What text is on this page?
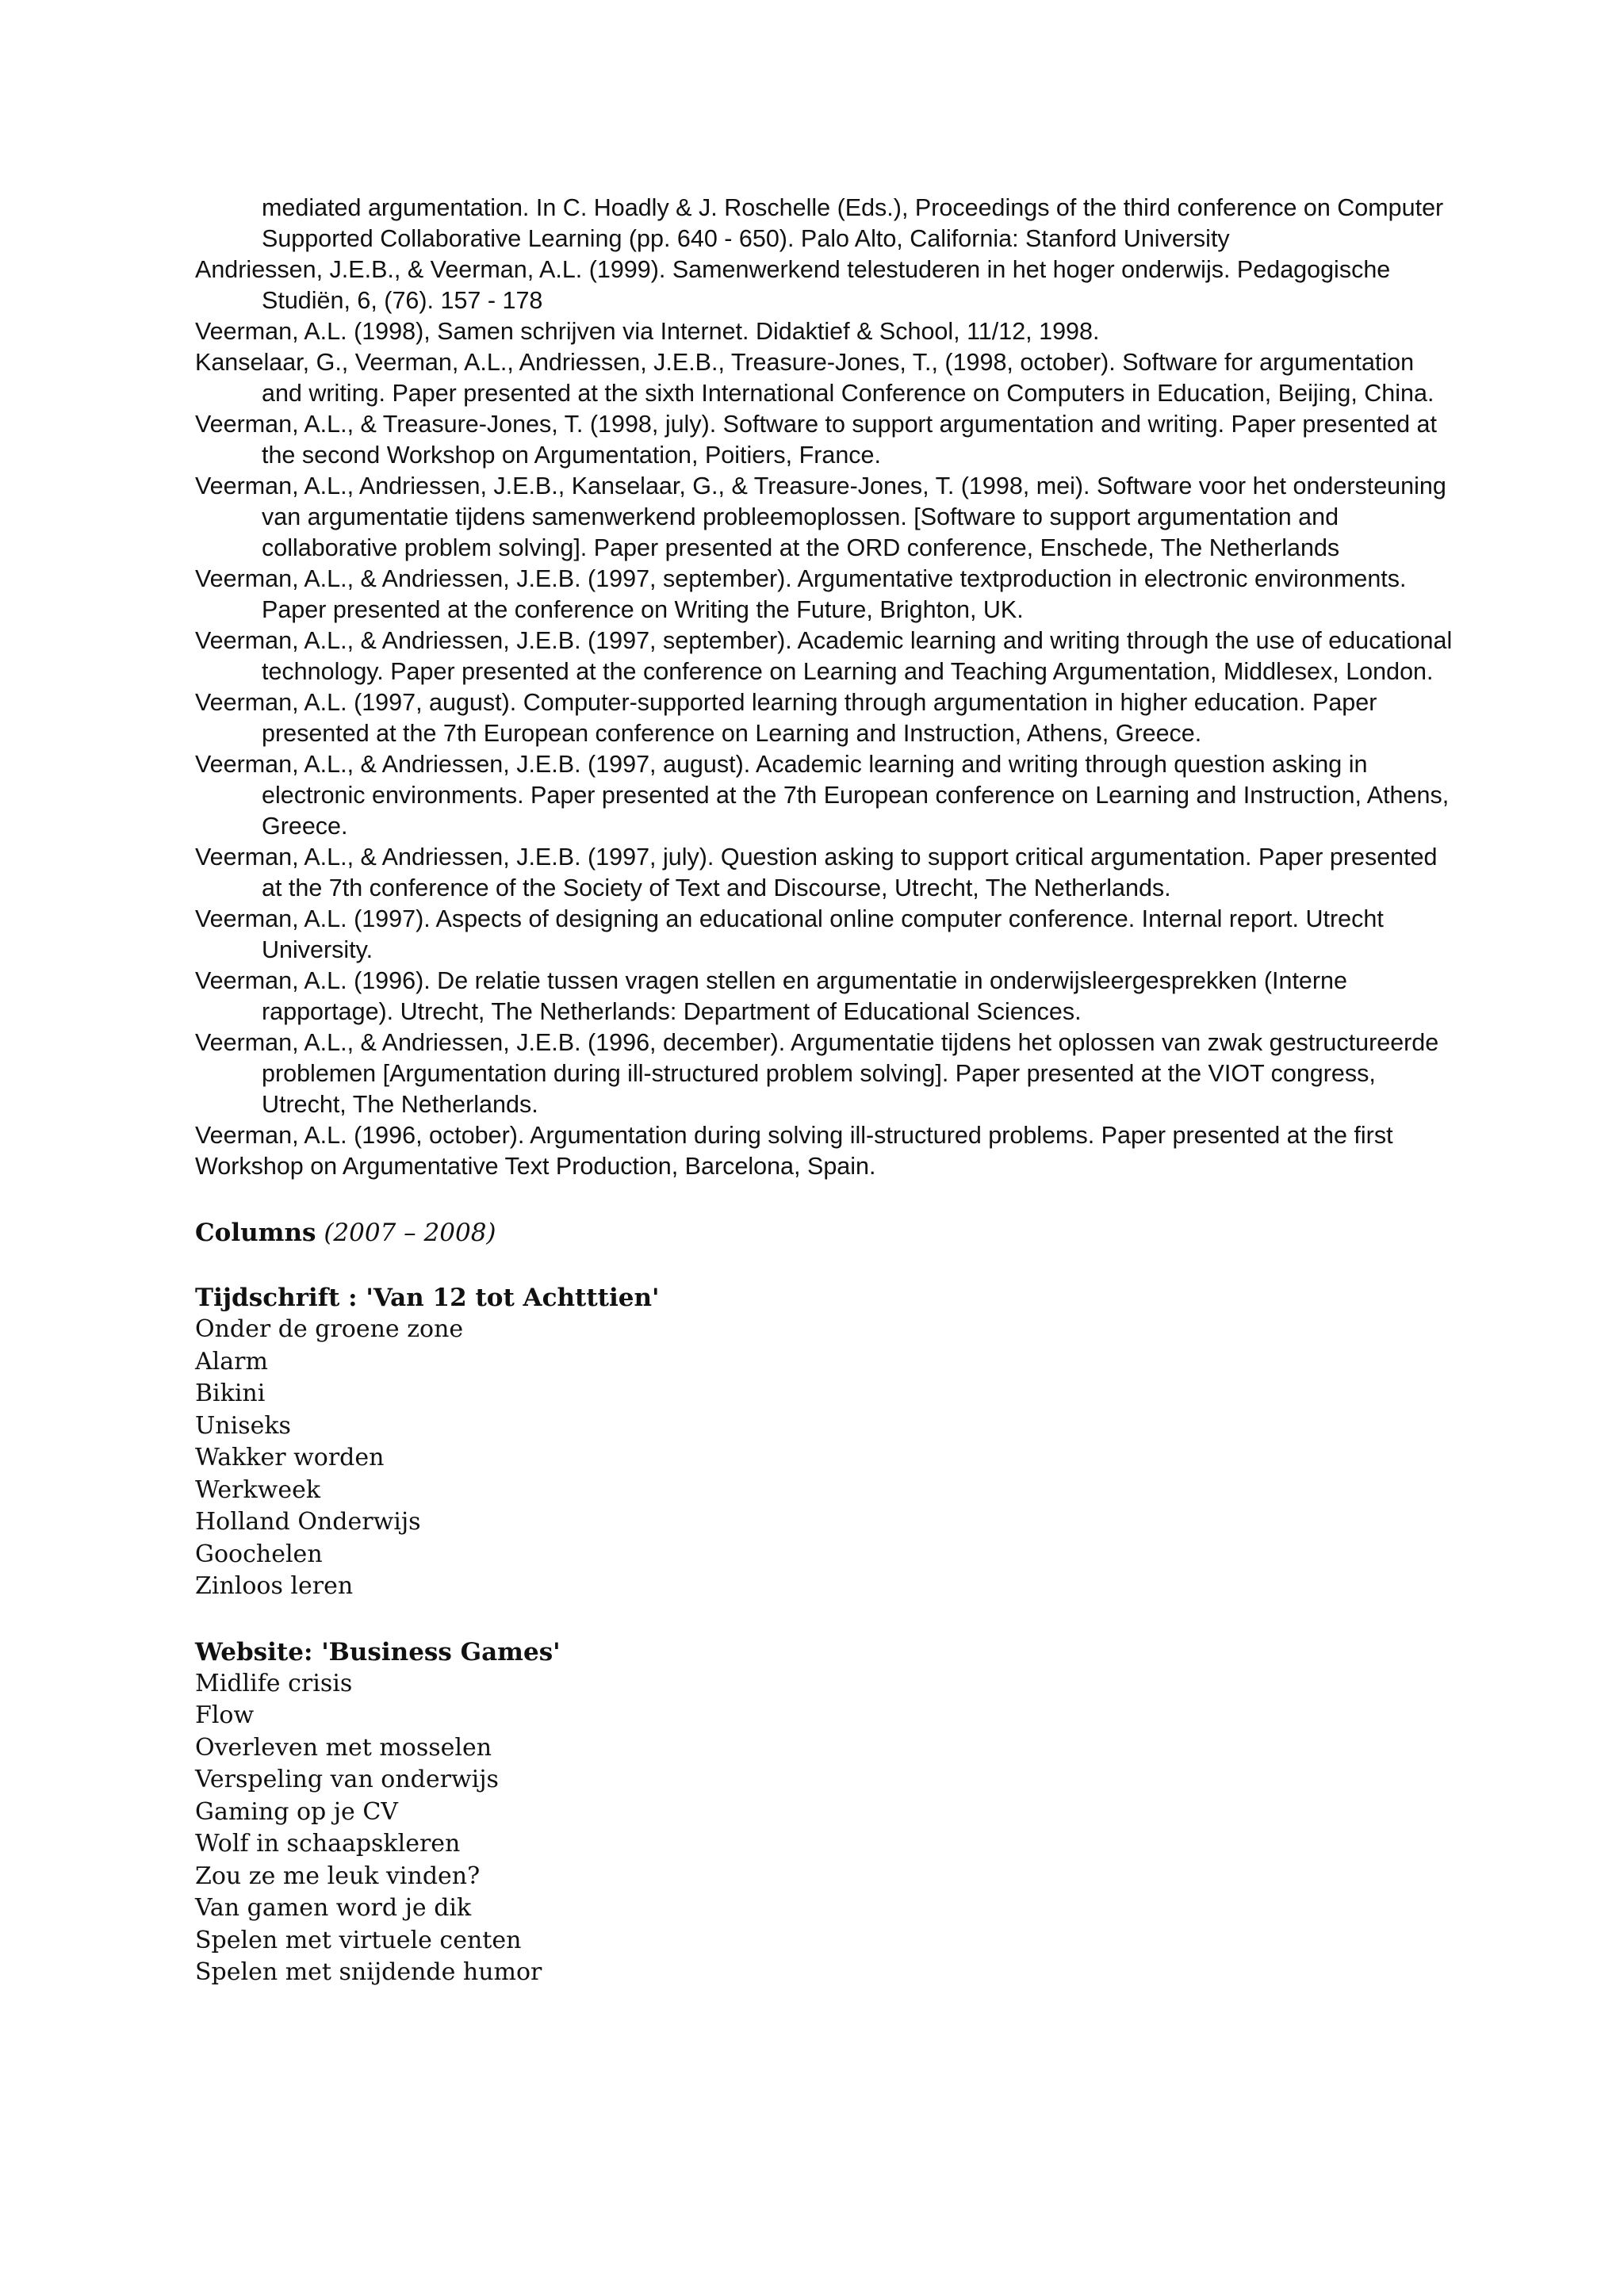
mediated argumentation. In C. Hoadly & J. Roschelle (Eds.), Proceedings of the third conference on Computer Supported Collaborative Learning (pp. 640 - 650). Palo Alto, California: Stanford University

Andriessen, J.E.B., & Veerman, A.L. (1999). Samenwerkend telestuderen in het hoger onderwijs. Pedagogische Studiën, 6, (76). 157 - 178

Veerman, A.L. (1998), Samen schrijven via Internet. Didaktief & School, 11/12, 1998.

Kanselaar, G., Veerman, A.L., Andriessen, J.E.B., Treasure-Jones, T., (1998, october). Software for argumentation and writing. Paper presented at the sixth International Conference on Computers in Education, Beijing, China.

Veerman, A.L., & Treasure-Jones, T. (1998, july). Software to support argumentation and writing. Paper presented at the second Workshop on Argumentation, Poitiers, France.

Veerman, A.L., Andriessen, J.E.B., Kanselaar, G., & Treasure-Jones, T. (1998, mei). Software voor het ondersteuning van argumentatie tijdens samenwerkend probleemoplossen. [Software to support argumentation and collaborative problem solving]. Paper presented at the ORD conference, Enschede, The Netherlands

Veerman, A.L., & Andriessen, J.E.B. (1997, september). Argumentative textproduction in electronic environments. Paper presented at the conference on Writing the Future, Brighton, UK.

Veerman, A.L., & Andriessen, J.E.B. (1997, september). Academic learning and writing through the use of educational technology. Paper presented at the conference on Learning and Teaching Argumentation, Middlesex, London.

Veerman, A.L. (1997, august). Computer-supported learning through argumentation in higher education. Paper presented at the 7th European conference on Learning and Instruction, Athens, Greece.

Veerman, A.L., & Andriessen, J.E.B. (1997, august). Academic learning and writing through question asking in electronic environments. Paper presented at the 7th European conference on Learning and Instruction, Athens, Greece.

Veerman, A.L., & Andriessen, J.E.B. (1997, july). Question asking to support critical argumentation. Paper presented at the 7th conference of the Society of Text and Discourse, Utrecht, The Netherlands.

Veerman, A.L. (1997). Aspects of designing an educational online computer conference. Internal report. Utrecht University.

Veerman, A.L. (1996). De relatie tussen vragen stellen en argumentatie in onderwijsleergesprekken (Interne rapportage). Utrecht, The Netherlands: Department of Educational Sciences.

Veerman, A.L., & Andriessen, J.E.B. (1996, december). Argumentatie tijdens het oplossen van zwak gestructureerde problemen [Argumentation during ill-structured problem solving]. Paper presented at the VIOT congress, Utrecht, The Netherlands.

Veerman, A.L. (1996, october). Argumentation during solving ill-structured problems. Paper presented at the first Workshop on Argumentative Text Production, Barcelona, Spain.

Columns (2007 – 2008)
Tijdschrift : 'Van 12 tot Achtttien'
Onder de groene zone
Alarm
Bikini
Uniseks
Wakker worden
Werkweek
Holland Onderwijs
Goochelen
Zinloos leren
Website: 'Business Games'
Midlife crisis
Flow
Overleven met mosselen
Verspeling van onderwijs
Gaming op je CV
Wolf in schaapskleren
Zou ze me leuk vinden?
Van gamen word je dik
Spelen met virtuele centen
Spelen met snijdende humor
